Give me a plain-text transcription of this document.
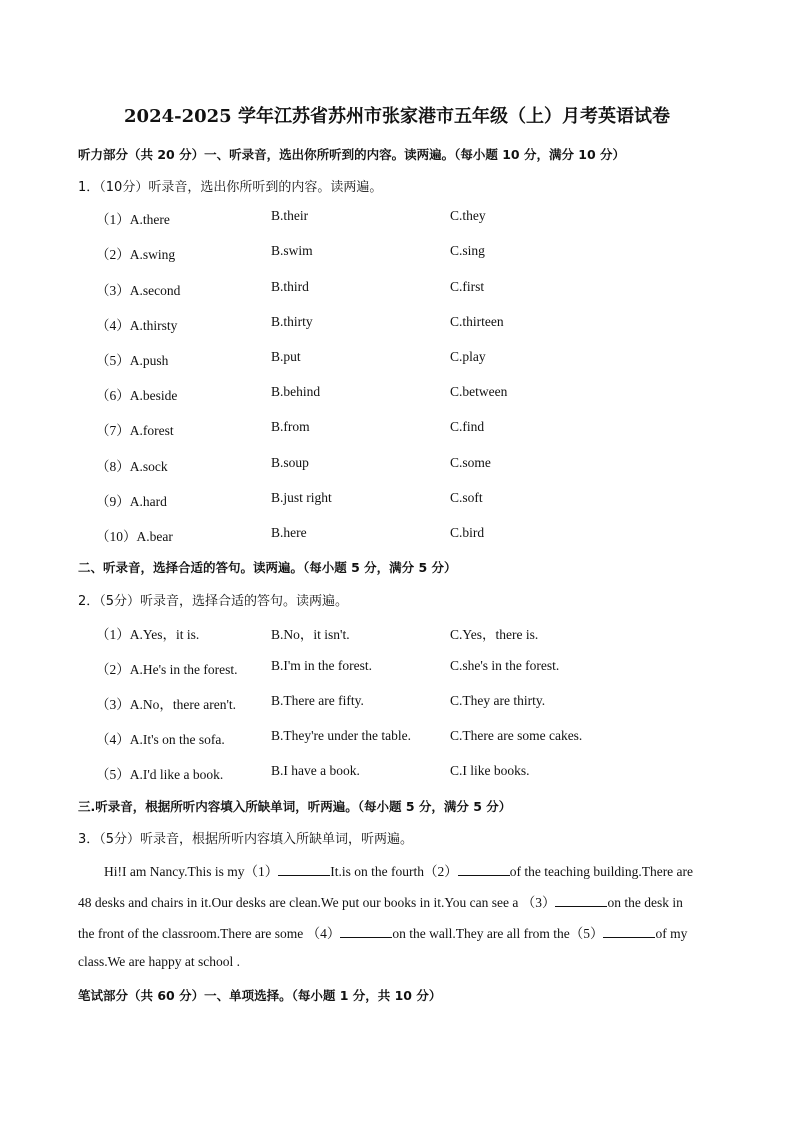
2024-2025 学年江苏省苏州市张家港市五年级（上）月考英语试卷
听力部分（共 20 分）一、听录音，选出你所听到的内容。读两遍。（每小题 10 分，满分 10 分）
1．（10分）听录音，选出你所听到的内容。读两遍。
（1）A.there	B.their	C.they
（2）A.swing	B.swim	C.sing
（3）A.second	B.third	C.first
（4）A.thirsty	B.thirty	C.thirteen
（5）A.push	B.put	C.play
（6）A.beside	B.behind	C.between
（7）A.forest	B.from	C.find
（8）A.sock	B.soup	C.some
（9）A.hard	B.just right	C.soft
（10）A.bear	B.here	C.bird
二、听录音，选择合适的答句。读两遍。（每小题 5 分，满分 5 分）
2．（5分）听录音，选择合适的答句。读两遍。
（1）A.Yes，it is.	B.No，it isn't.	C.Yes，there is.
（2）A.He's in the forest. B.I'm in the forest.	C.she's in the forest.
（3）A.No，there aren't.	B.There are fifty.	C.They are thirty.
（4）A.It's on the sofa.	B.They're under the table.	C.There are some cakes.
（5）A.I'd like a book.	B.I have a book.	C.I like books.
三.听录音，根据所听内容填入所缺单词，听两遍。（每小题 5 分，满分 5 分）
3．（5分）听录音，根据所听内容填入所缺单词，听两遍。
Hi!I am Nancy.This is my（1）	It.is on the fourth（2）	of the teaching building.There are
48 desks and chairs in it.Our desks are clean.We put our books in it.You can see a （3）	on the desk in
the front of the classroom.There are some （4）	on the wall.They are all from the（5）	of my
class.We are happy at school .
笔试部分（共 60 分）一、单项选择。（每小题 1 分，共 10 分）
